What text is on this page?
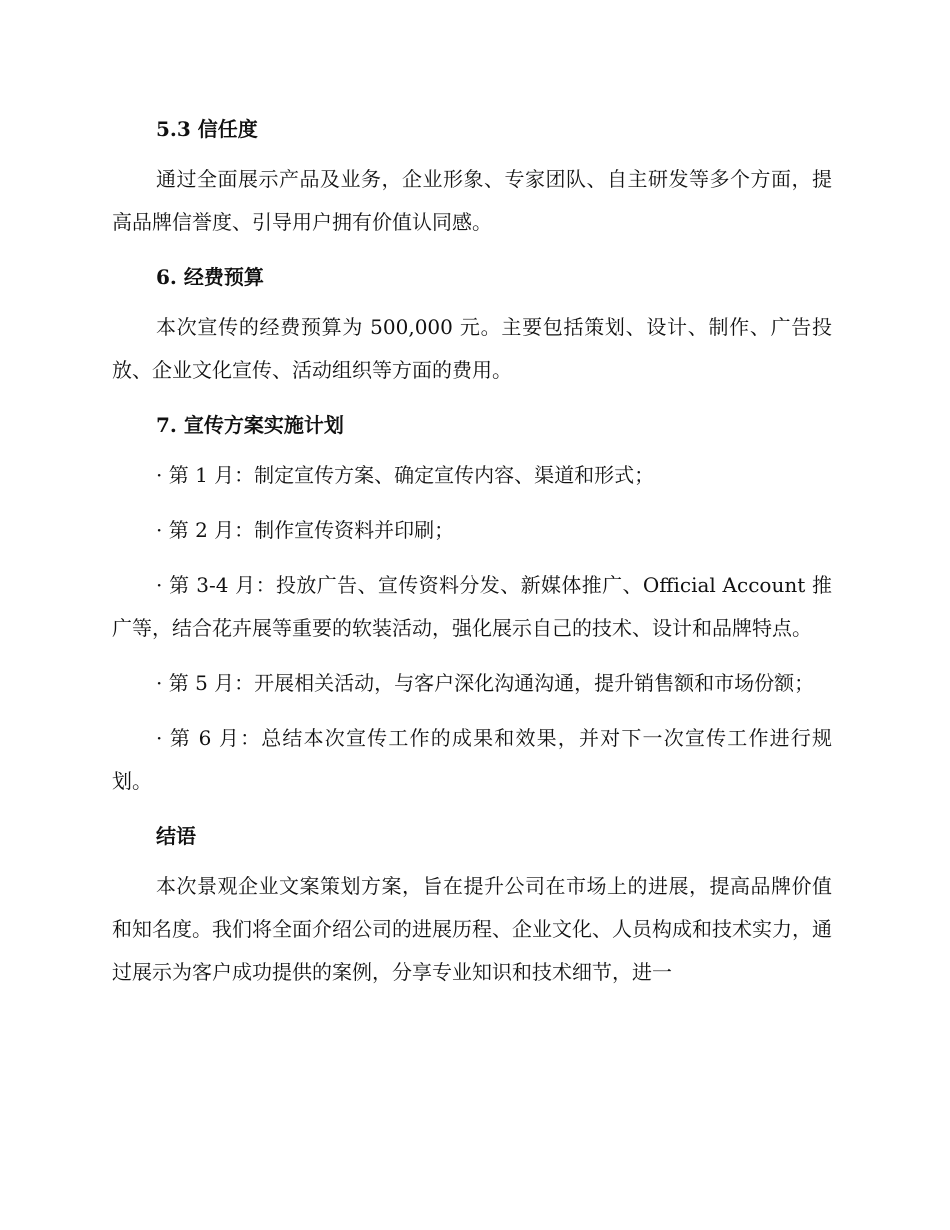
5.3 信任度

通过全面展示产品及业务，企业形象、专家团队、自主研发等多个方面，提高品牌信誉度、引导用户拥有价值认同感。

6. 经费预算

本次宣传的经费预算为 500,000 元。主要包括策划、设计、制作、广告投放、企业文化宣传、活动组织等方面的费用。

7. 宣传方案实施计划

· 第 1 月：制定宣传方案、确定宣传内容、渠道和形式；

· 第 2 月：制作宣传资料并印刷；

· 第 3-4 月：投放广告、宣传资料分发、新媒体推广、Official Account 推广等，结合花卉展等重要的软装活动，强化展示自己的技术、设计和品牌特点。

· 第 5 月：开展相关活动，与客户深化沟通沟通，提升销售额和市场份额；

· 第 6 月：总结本次宣传工作的成果和效果，并对下一次宣传工作进行规划。

结语

本次景观企业文案策划方案，旨在提升公司在市场上的进展，提高品牌价值和知名度。我们将全面介绍公司的进展历程、企业文化、人员构成和技术实力，通过展示为客户成功提供的案例，分享专业知识和技术细节，进一
